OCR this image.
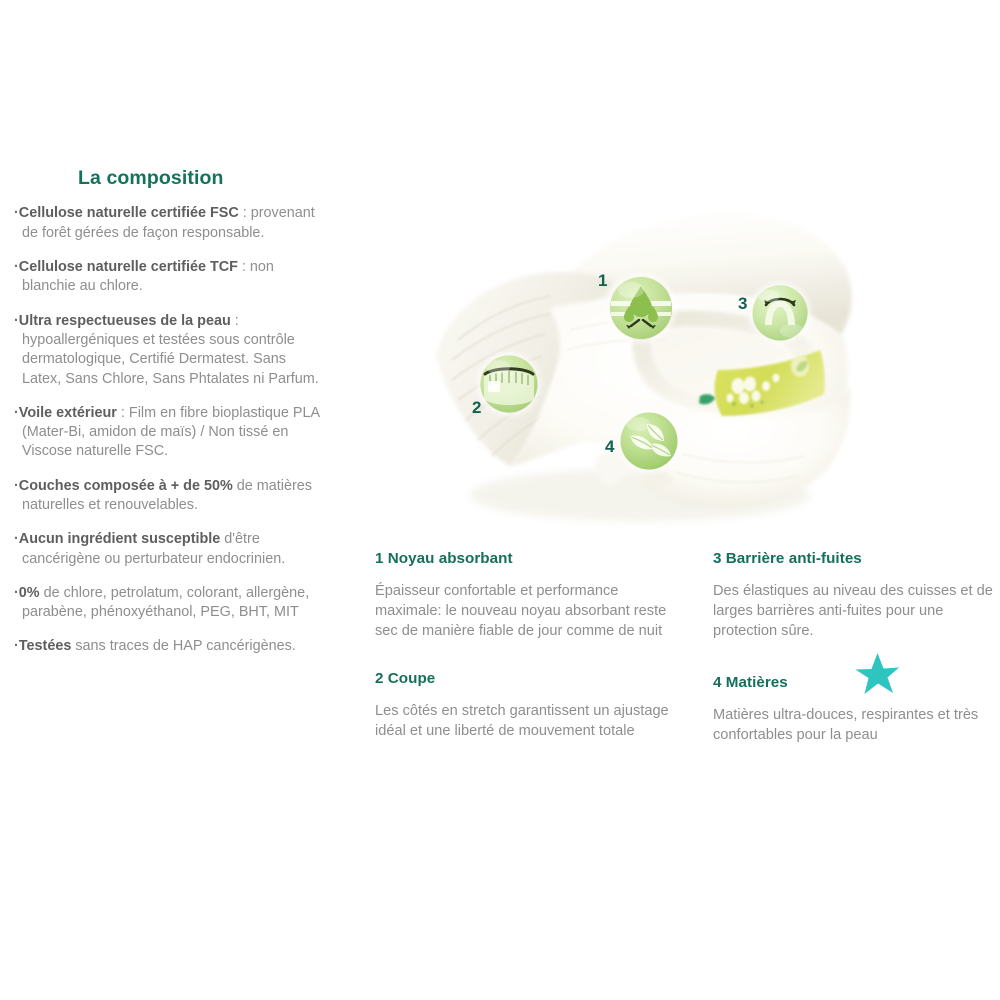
La composition
·Cellulose naturelle certifiée FSC : provenant de forêt gérées de façon responsable.
·Cellulose naturelle certifiée TCF : non blanchie au chlore.
·Ultra respectueuses de la peau : hypoallergéniques et testées sous contrôle dermatologique, Certifié Dermatest. Sans Latex, Sans Chlore, Sans Phtalates ni Parfum.
·Voile extérieur : Film en fibre bioplastique PLA (Mater-Bi, amidon de maïs) / Non tissé en Viscose naturelle FSC.
·Couches composée à + de 50% de matières naturelles et renouvelables.
·Aucun ingrédient susceptible d'être cancérigène ou perturbateur endocrinien.
·0% de chlore, petrolatum, colorant, allergène, parabène, phénoxyéthanol, PEG, BHT, MIT
·Testées sans traces de HAP cancérigènes.
1
2
3
4
1 Noyau absorbant

Épaisseur confortable et performance maximale: le nouveau noyau absorbant reste sec de manière fiable de jour comme de nuit

2 Coupe

Les côtés en stretch garantissent un ajustage idéal et une liberté de mouvement totale

3 Barrière anti-fuites

Des élastiques au niveau des cuisses et de larges barrières anti-fuites pour une protection sûre.

4 Matières

Matières ultra-douces, respirantes et très confortables pour la peau
